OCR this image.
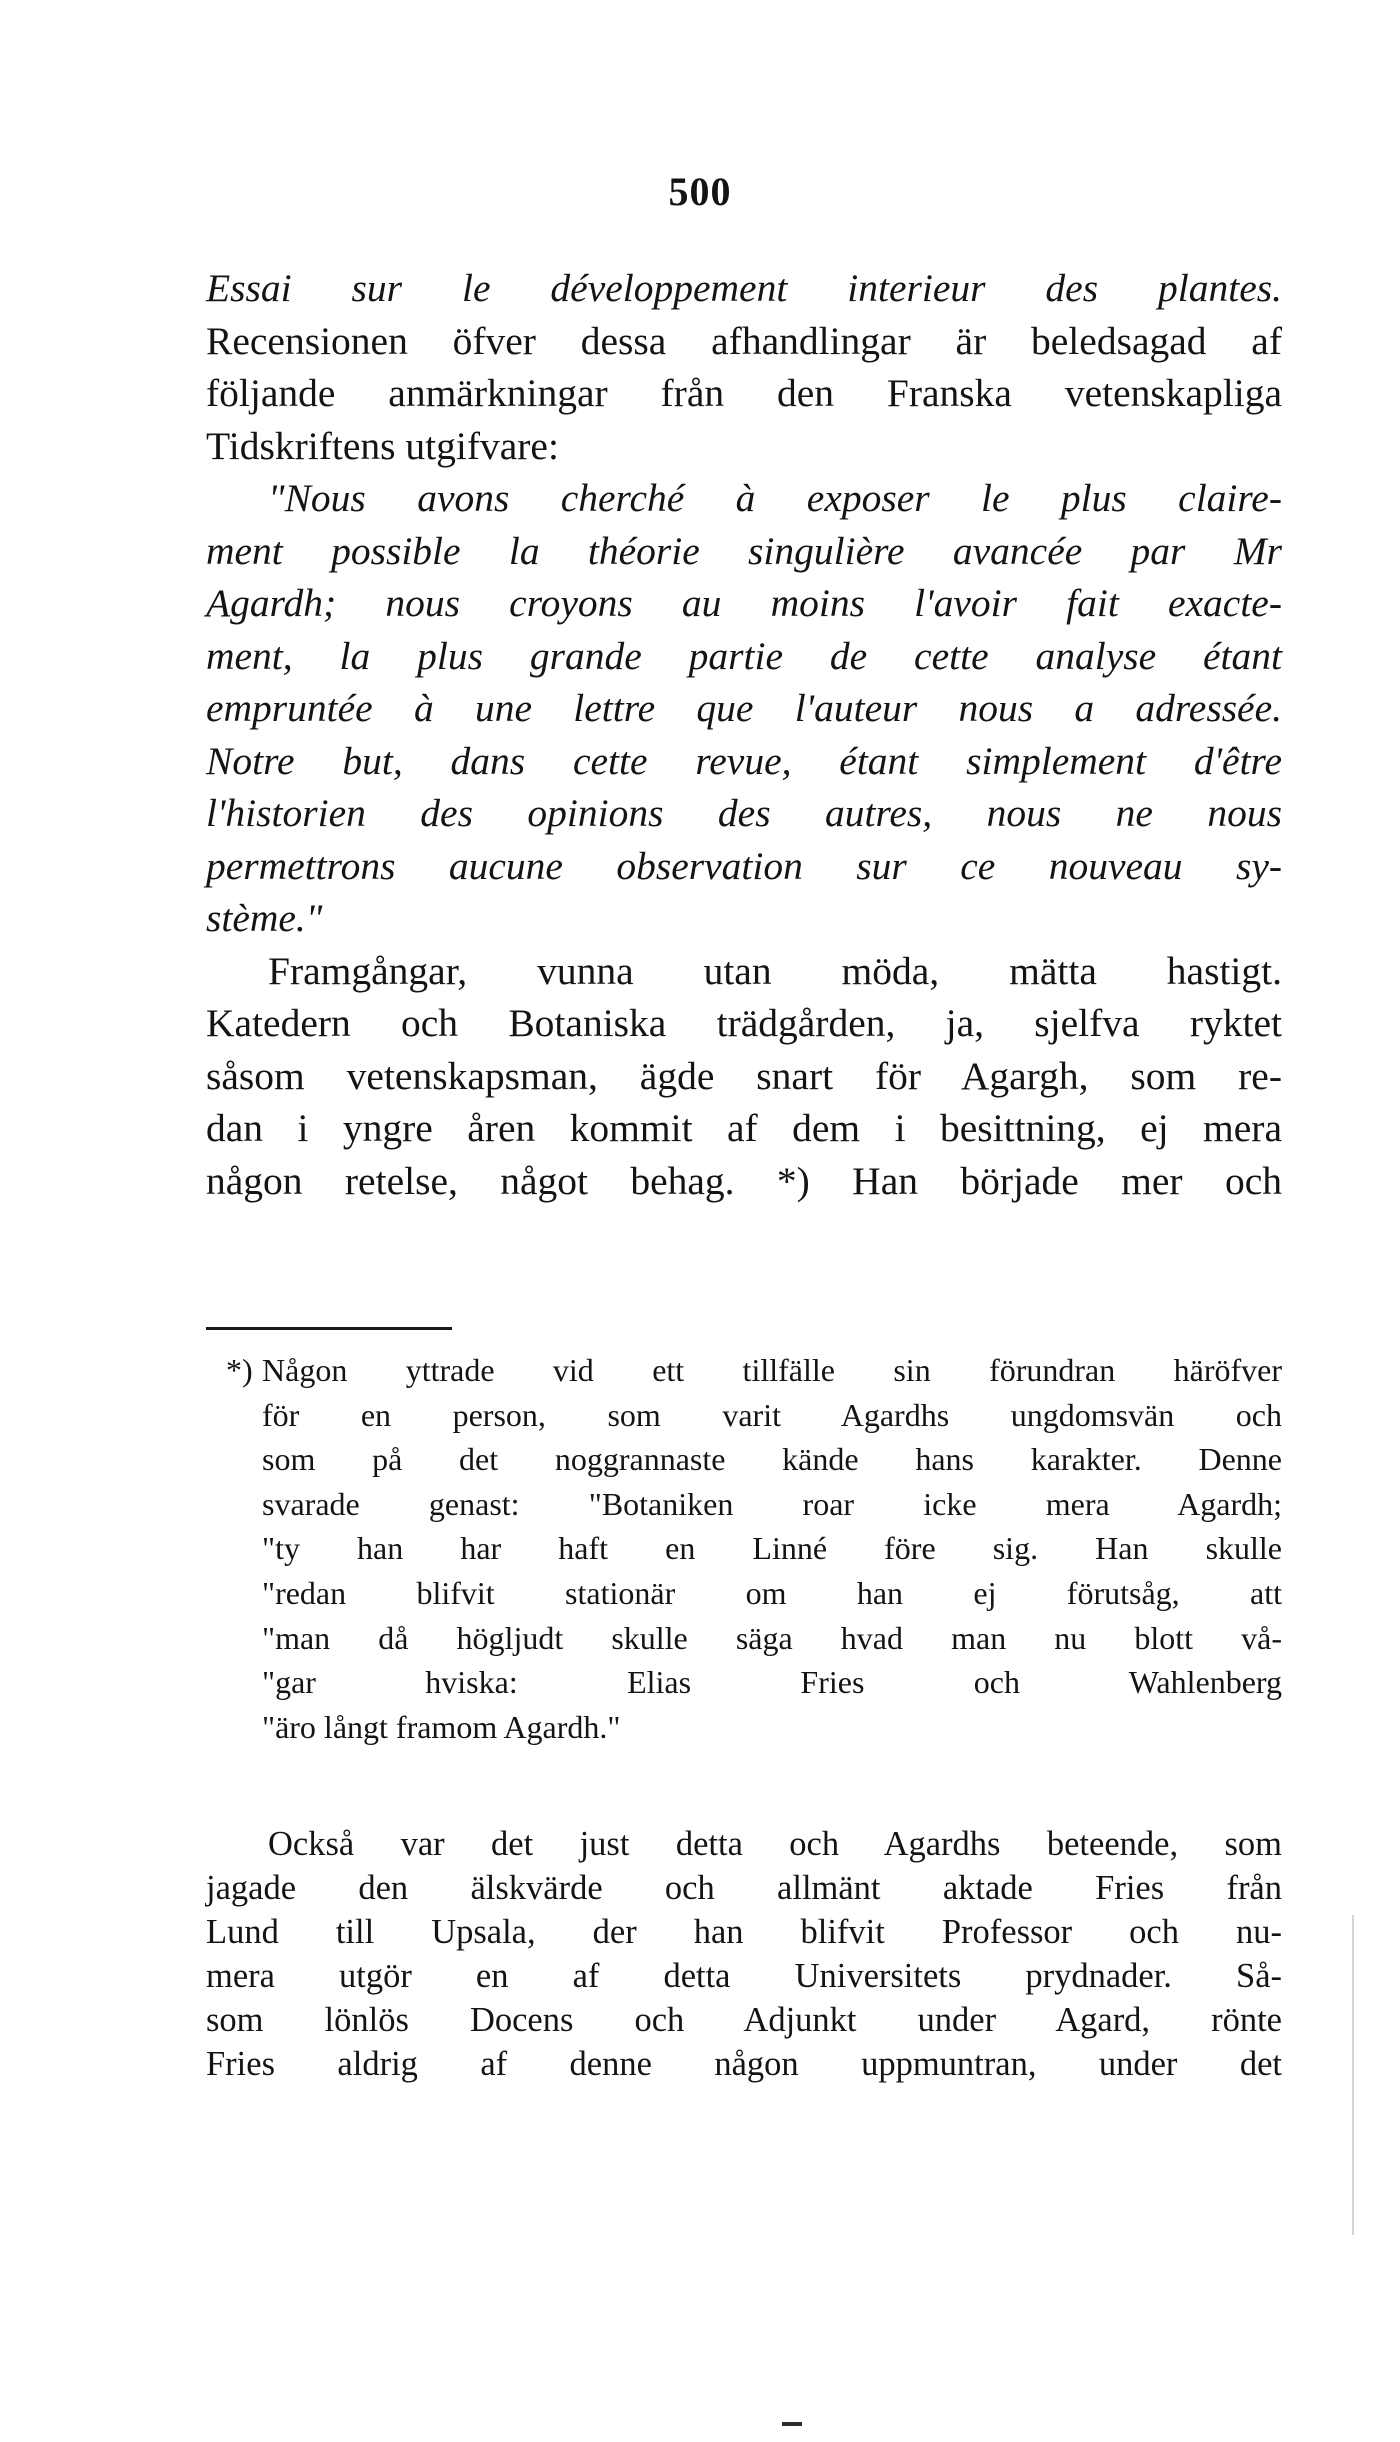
500
Essai sur le développement interieur des plantes.
Recensionen öfver dessa afhandlingar är beledsagad af
följande anmärkningar från den Franska vetenskapliga
Tidskriftens utgifvare:
"Nous avons cherché à exposer le plus claire-
ment possible la théorie singulière avancée par Mr
Agardh; nous croyons au moins l'avoir fait exacte-
ment, la plus grande partie de cette analyse étant
empruntée à une lettre que l'auteur nous a adressée.
Notre but, dans cette revue, étant simplement d'être
l'historien des opinions des autres, nous ne nous
permettrons aucune observation sur ce nouveau sy-
stème."
Framgångar, vunna utan möda, mätta hastigt.
Katedern och Botaniska trädgården, ja, sjelfva ryktet
såsom vetenskapsman, ägde snart för Agargh, som re-
dan i yngre åren kommit af dem i besittning, ej mera
någon retelse, något behag. *) Han började mer och
*) Någon yttrade vid ett tillfälle sin förundran häröfver
för en person, som varit Agardhs ungdomsvän och
som på det noggrannaste kände hans karakter. Denne
svarade genast: "Botaniken roar icke mera Agardh;
"ty han har haft en Linné före sig. Han skulle
"redan blifvit stationär om han ej förutsåg, att
"man då högljudt skulle säga hvad man nu blott vå-
"gar hviska: Elias Fries och Wahlenberg
"äro långt framom Agardh."
Också var det just detta och Agardhs beteende, som
jagade den älskvärde och allmänt aktade Fries från
Lund till Upsala, der han blifvit Professor och nu-
mera utgör en af detta Universitets prydnader. Så-
som lönlös Docens och Adjunkt under Agard, rönte
Fries aldrig af denne någon uppmuntran, under det
